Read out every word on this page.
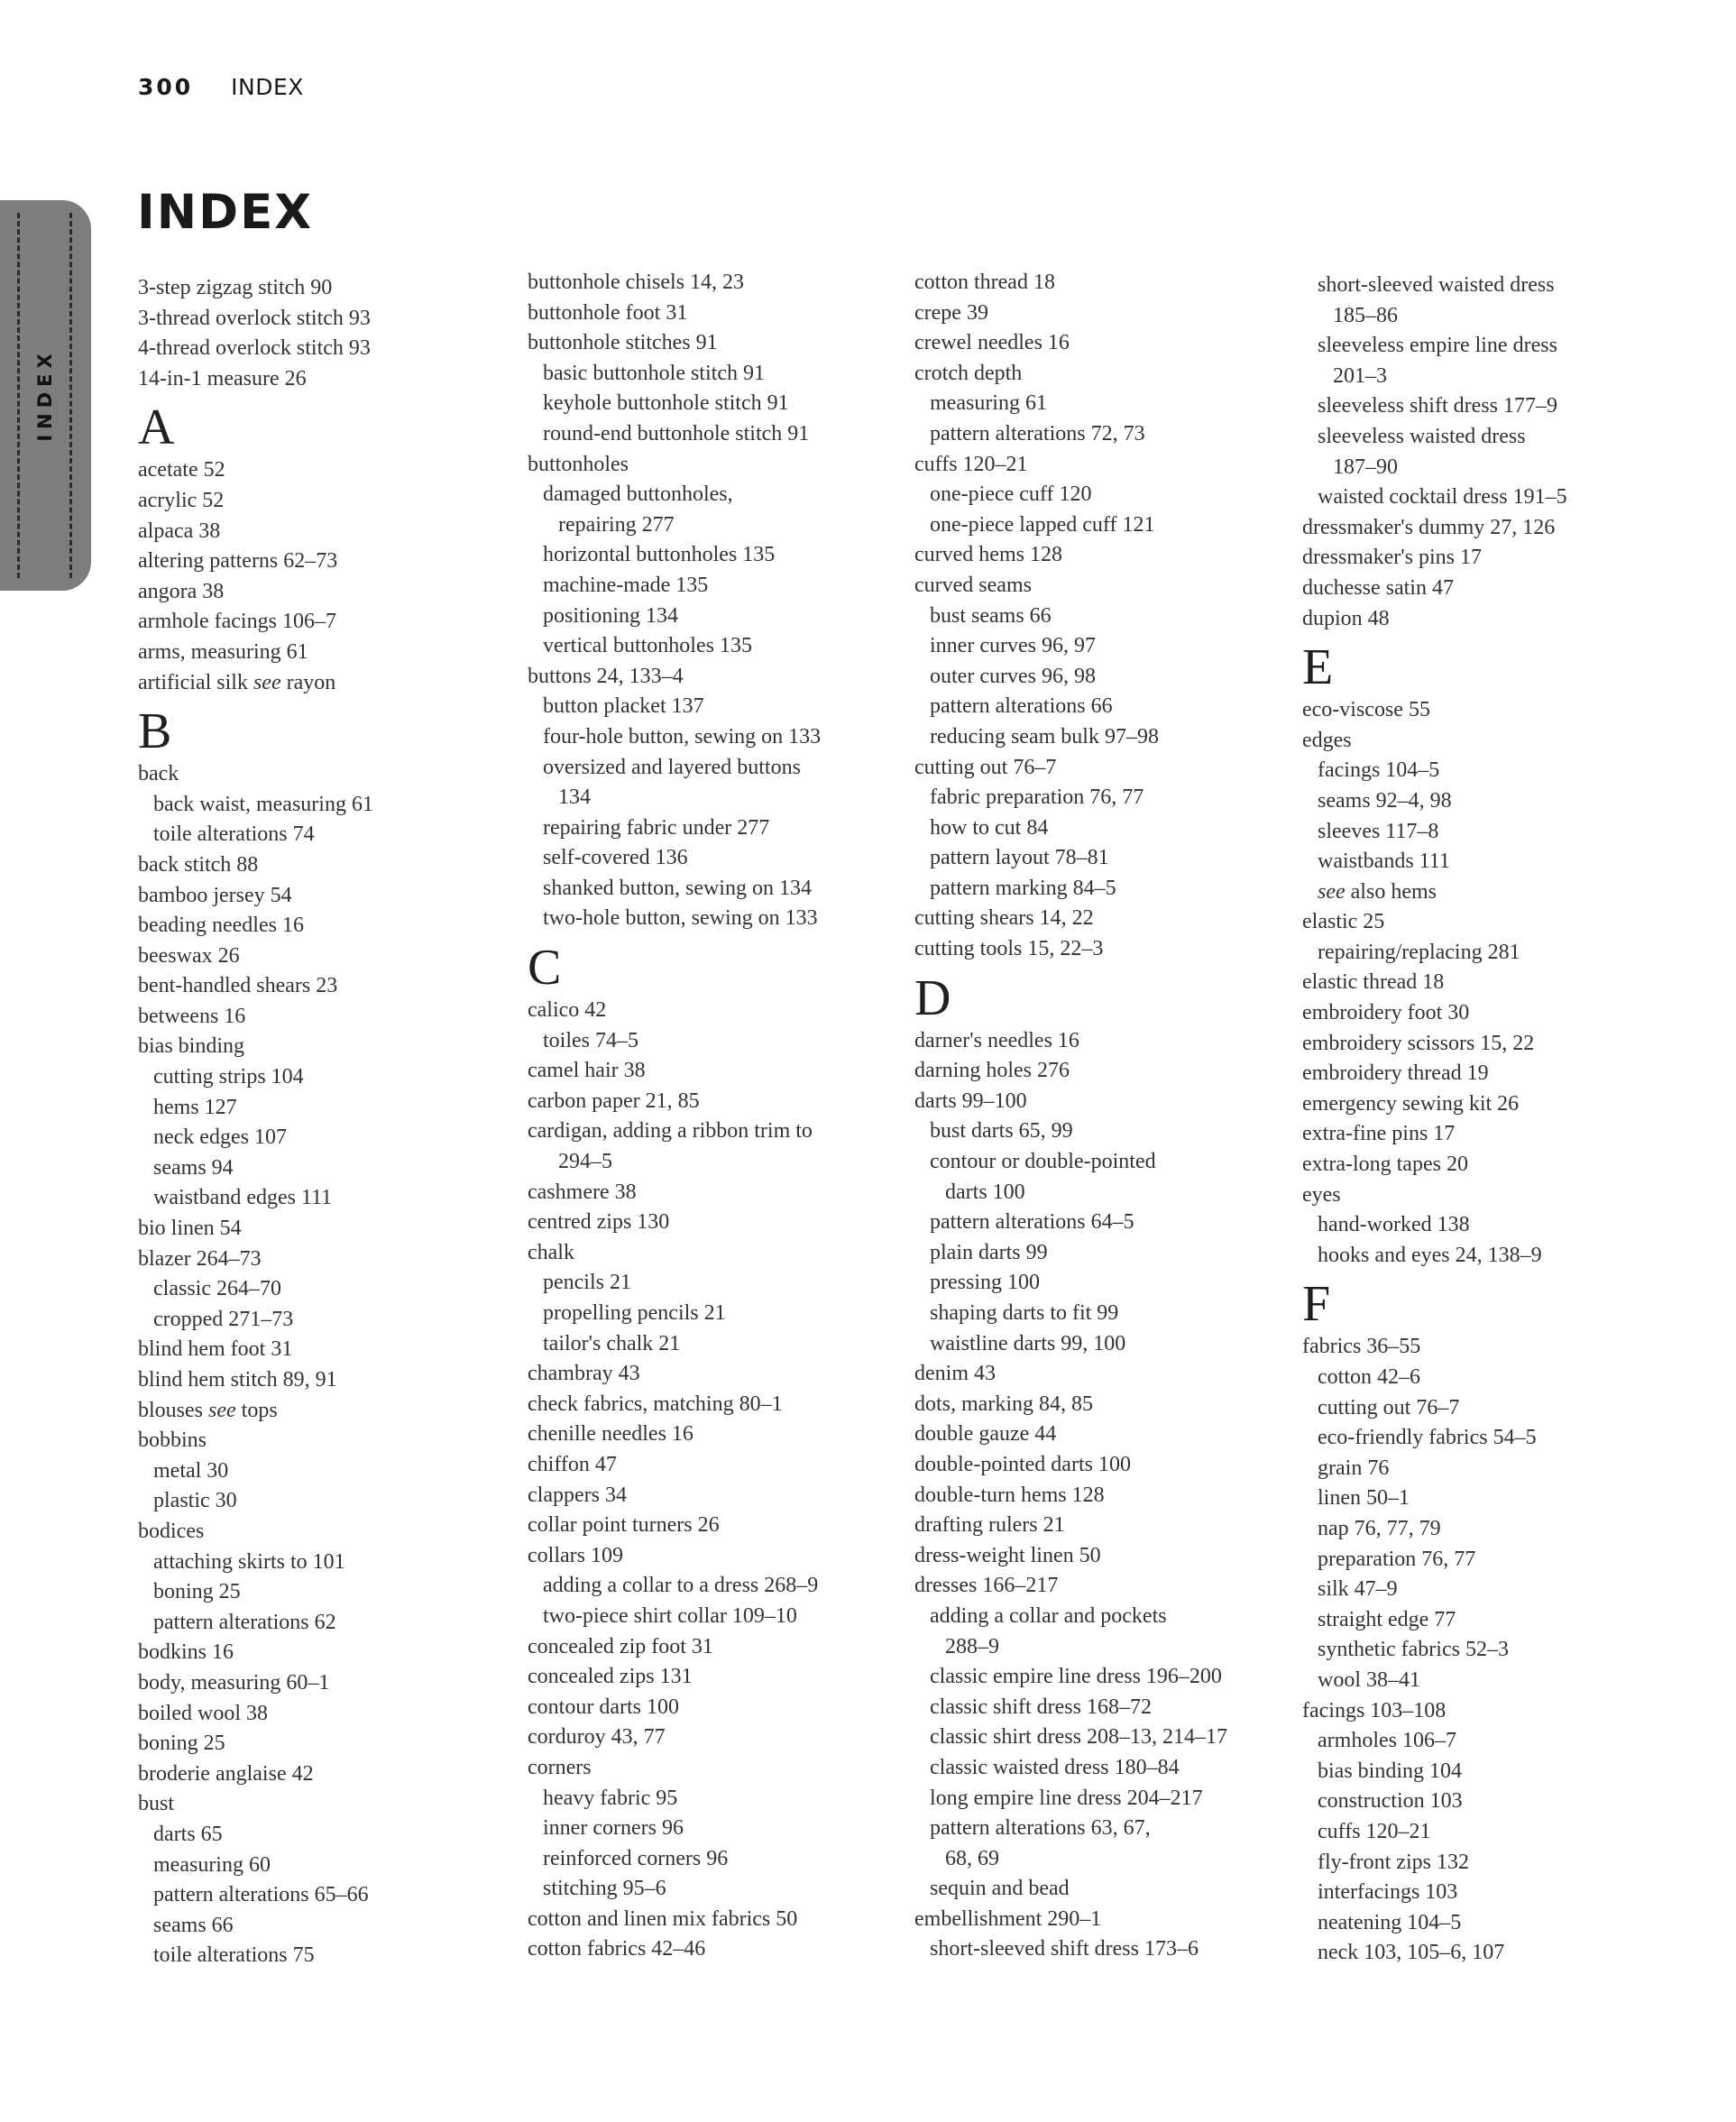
300 INDEX
INDEX
INDEX
3-step zigzag stitch 90
3-thread overlock stitch 93
4-thread overlock stitch 93
14-in-1 measure 26
A
acetate 52
acrylic 52
alpaca 38
altering patterns 62–73
angora 38
armhole facings 106–7
arms, measuring 61
artificial silk see rayon
B
back
back waist, measuring 61
toile alterations 74
back stitch 88
bamboo jersey 54
beading needles 16
beeswax 26
bent-handled shears 23
betweens 16
bias binding
cutting strips 104
hems 127
neck edges 107
seams 94
waistband edges 111
bio linen 54
blazer 264–73
classic 264–70
cropped 271–73
blind hem foot 31
blind hem stitch 89, 91
blouses see tops
bobbins
metal 30
plastic 30
bodices
attaching skirts to 101
boning 25
pattern alterations 62
bodkins 16
body, measuring 60–1
boiled wool 38
boning 25
broderie anglaise 42
bust
darts 65
measuring 60
pattern alterations 65–66
seams 66
toile alterations 75
buttonhole chisels 14, 23
buttonhole foot 31
buttonhole stitches 91
basic buttonhole stitch 91
keyhole buttonhole stitch 91
round-end buttonhole stitch 91
buttonholes
damaged buttonholes,
repairing 277
horizontal buttonholes 135
machine-made 135
positioning 134
vertical buttonholes 135
buttons 24, 133–4
button placket 137
four-hole button, sewing on 133
oversized and layered buttons
134
repairing fabric under 277
self-covered 136
shanked button, sewing on 134
two-hole button, sewing on 133
C
calico 42
toiles 74–5
camel hair 38
carbon paper 21, 85
cardigan, adding a ribbon trim to
294–5
cashmere 38
centred zips 130
chalk
pencils 21
propelling pencils 21
tailor's chalk 21
chambray 43
check fabrics, matching 80–1
chenille needles 16
chiffon 47
clappers 34
collar point turners 26
collars 109
adding a collar to a dress 268–9
two-piece shirt collar 109–10
concealed zip foot 31
concealed zips 131
contour darts 100
corduroy 43, 77
corners
heavy fabric 95
inner corners 96
reinforced corners 96
stitching 95–6
cotton and linen mix fabrics 50
cotton fabrics 42–46
cotton thread 18
crepe 39
crewel needles 16
crotch depth
measuring 61
pattern alterations 72, 73
cuffs 120–21
one-piece cuff 120
one-piece lapped cuff 121
curved hems 128
curved seams
bust seams 66
inner curves 96, 97
outer curves 96, 98
pattern alterations 66
reducing seam bulk 97–98
cutting out 76–7
fabric preparation 76, 77
how to cut 84
pattern layout 78–81
pattern marking 84–5
cutting shears 14, 22
cutting tools 15, 22–3
D
darner's needles 16
darning holes 276
darts 99–100
bust darts 65, 99
contour or double-pointed
darts 100
pattern alterations 64–5
plain darts 99
pressing 100
shaping darts to fit 99
waistline darts 99, 100
denim 43
dots, marking 84, 85
double gauze 44
double-pointed darts 100
double-turn hems 128
drafting rulers 21
dress-weight linen 50
dresses 166–217
adding a collar and pockets
288–9
classic empire line dress 196–200
classic shift dress 168–72
classic shirt dress 208–13, 214–17
classic waisted dress 180–84
long empire line dress 204–217
pattern alterations 63, 67,
68, 69
sequin and bead
embellishment 290–1
short-sleeved shift dress 173–6
short-sleeved waisted dress
185–86
sleeveless empire line dress
201–3
sleeveless shift dress 177–9
sleeveless waisted dress
187–90
waisted cocktail dress 191–5
dressmaker's dummy 27, 126
dressmaker's pins 17
duchesse satin 47
dupion 48
E
eco-viscose 55
edges
facings 104–5
seams 92–4, 98
sleeves 117–8
waistbands 111
see also hems
elastic 25
repairing/replacing 281
elastic thread 18
embroidery foot 30
embroidery scissors 15, 22
embroidery thread 19
emergency sewing kit 26
extra-fine pins 17
extra-long tapes 20
eyes
hand-worked 138
hooks and eyes 24, 138–9
F
fabrics 36–55
cotton 42–6
cutting out 76–7
eco-friendly fabrics 54–5
grain 76
linen 50–1
nap 76, 77, 79
preparation 76, 77
silk 47–9
straight edge 77
synthetic fabrics 52–3
wool 38–41
facings 103–108
armholes 106–7
bias binding 104
construction 103
cuffs 120–21
fly-front zips 132
interfacings 103
neatening 104–5
neck 103, 105–6, 107
